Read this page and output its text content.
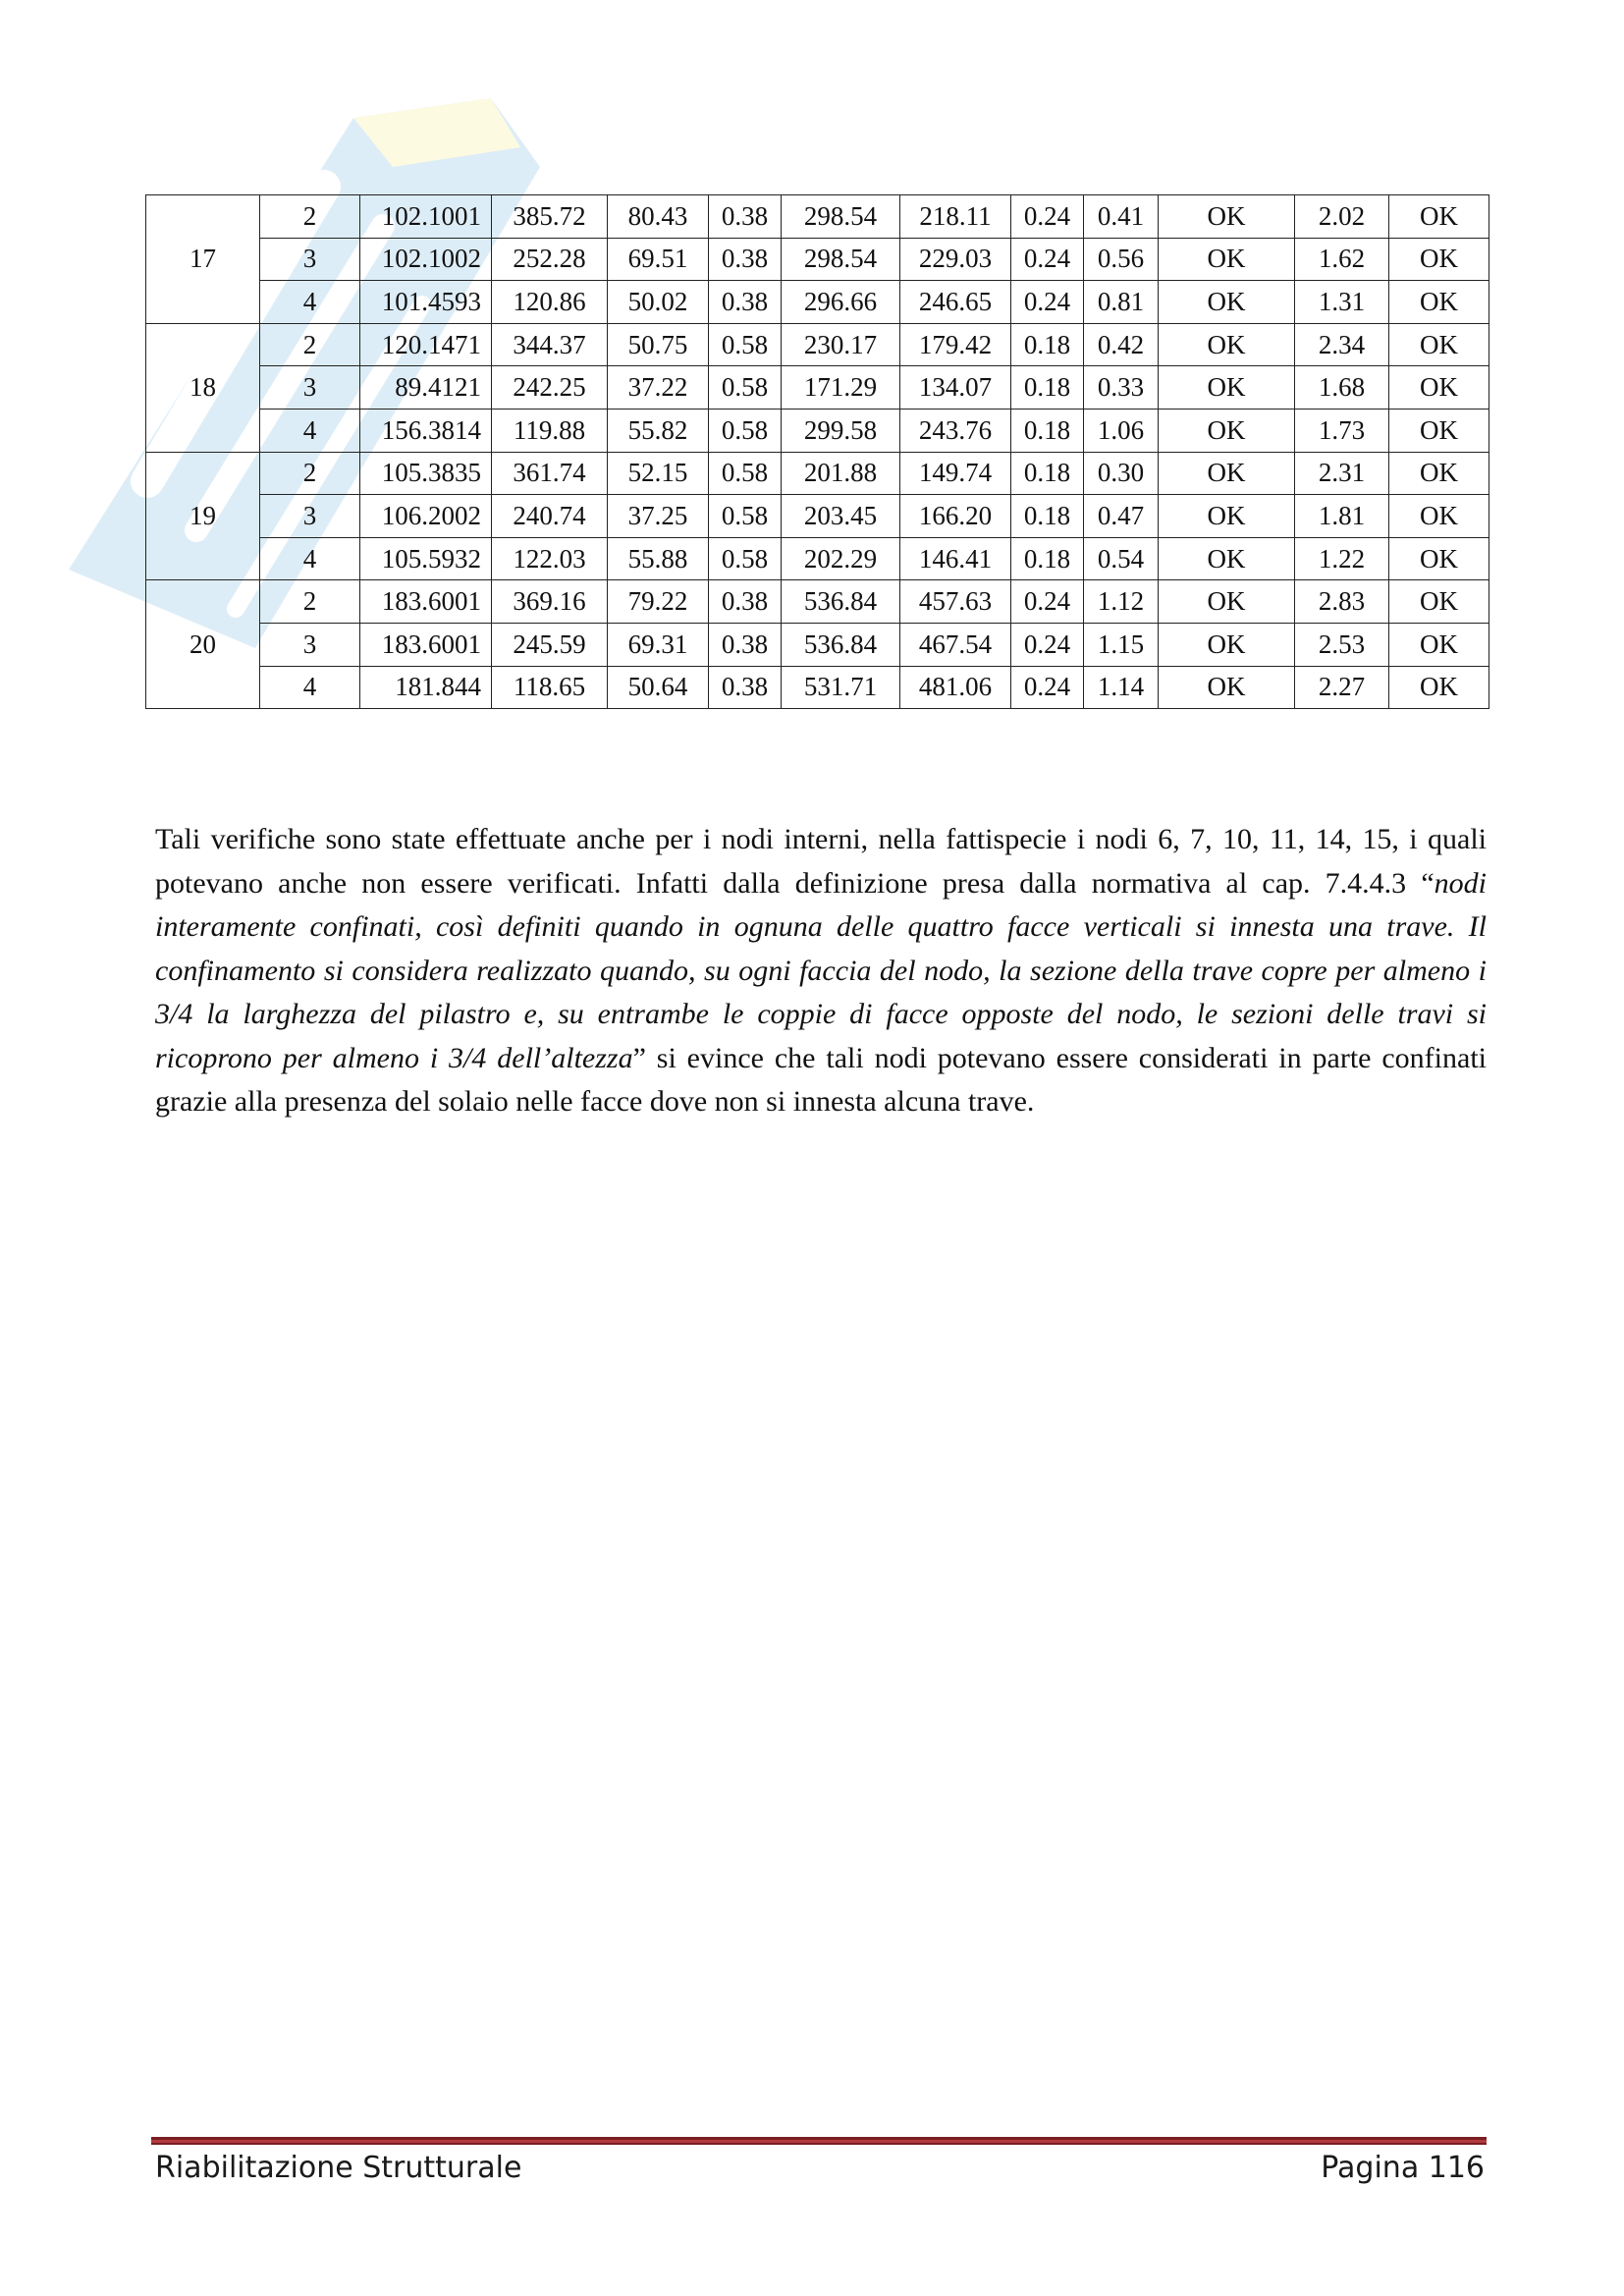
17	2	102.1001	385.72	80.43	0.38	298.54	218.11	0.24	0.41	OK	2.02	OK
	3	102.1002	252.28	69.51	0.38	298.54	229.03	0.24	0.56	OK	1.62	OK
	4	101.4593	120.86	50.02	0.38	296.66	246.65	0.24	0.81	OK	1.31	OK
18	2	120.1471	344.37	50.75	0.58	230.17	179.42	0.18	0.42	OK	2.34	OK
	3	89.4121	242.25	37.22	0.58	171.29	134.07	0.18	0.33	OK	1.68	OK
	4	156.3814	119.88	55.82	0.58	299.58	243.76	0.18	1.06	OK	1.73	OK
19	2	105.3835	361.74	52.15	0.58	201.88	149.74	0.18	0.30	OK	2.31	OK
	3	106.2002	240.74	37.25	0.58	203.45	166.20	0.18	0.47	OK	1.81	OK
	4	105.5932	122.03	55.88	0.58	202.29	146.41	0.18	0.54	OK	1.22	OK
20	2	183.6001	369.16	79.22	0.38	536.84	457.63	0.24	1.12	OK	2.83	OK
	3	183.6001	245.59	69.31	0.38	536.84	467.54	0.24	1.15	OK	2.53	OK
	4	181.844	118.65	50.64	0.38	531.71	481.06	0.24	1.14	OK	2.27	OK

Tali verifiche sono state effettuate anche per i nodi interni, nella fattispecie i nodi 6, 7, 10, 11, 14, 15, i quali potevano anche non essere verificati. Infatti dalla definizione presa dalla normativa al cap. 7.4.4.3 “nodi interamente confinati, così definiti quando in ognuna delle quattro facce verticali si innesta una trave. Il confinamento si considera realizzato quando, su ogni faccia del nodo, la sezione della trave copre per almeno i 3/4 la larghezza del pilastro e, su entrambe le coppie di facce opposte del nodo, le sezioni delle travi si ricoprono per almeno i 3/4 dell’altezza” si evince che tali nodi potevano essere considerati in parte confinati grazie alla presenza del solaio nelle facce dove non si innesta alcuna trave.

Riabilitazione Strutturale	Pagina 116
